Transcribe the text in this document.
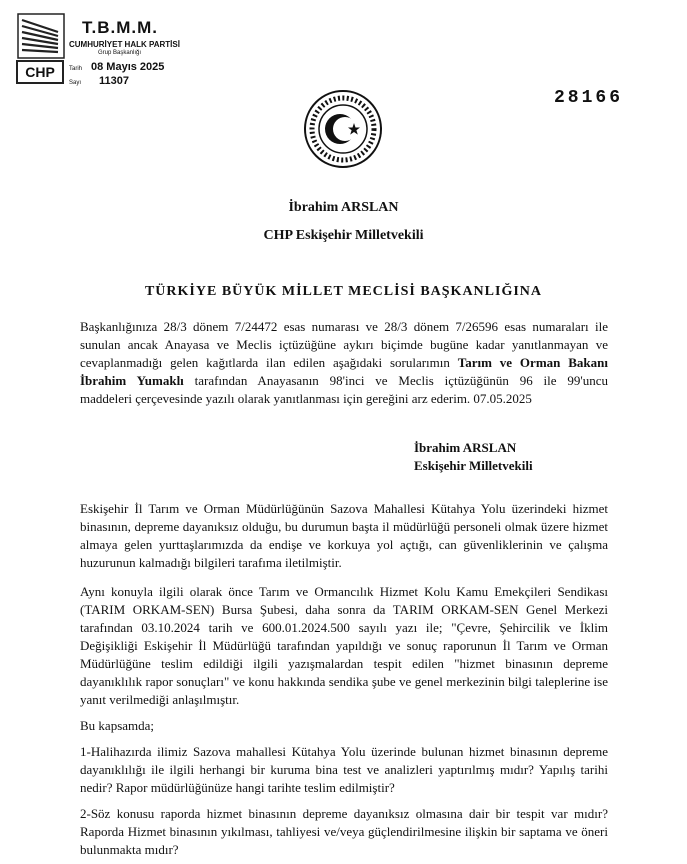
CHP
T.B.M.M.
CUMHURİYET HALK PARTİSİ
Grup Başkanlığı
Tarih 08 Mayıs 2025
Sayı 11307
28166
İbrahim ARSLAN
CHP Eskişehir Milletvekili
TÜRKİYE BÜYÜK MİLLET MECLİSİ BAŞKANLIĞINA
Başkanlığınıza 28/3 dönem 7/24472 esas numarası ve 28/3 dönem 7/26596 esas numaraları ile
sunulan ancak Anayasa ve Meclis içtüzüğüne aykırı biçimde bugüne kadar yanıtlanmayan ve
cevaplanmadığı gelen kağıtlarda ilan edilen aşağıdaki sorularımın Tarım ve Orman Bakanı
İbrahim Yumaklı tarafından Anayasanın 98'inci ve Meclis içtüzüğünün 96 ile 99'uncu
maddeleri çerçevesinde yazılı olarak yanıtlanması için gereğini arz ederim. 07.05.2025
İbrahim ARSLAN
Eskişehir Milletvekili
Eskişehir İl Tarım ve Orman Müdürlüğünün Sazova Mahallesi Kütahya Yolu üzerindeki hizmet binasının, depreme dayanıksız olduğu, bu durumun başta il müdürlüğü personeli olmak üzere hizmet almaya gelen yurttaşlarımızda da endişe ve korkuya yol açtığı, can güvenliklerinin ve çalışma huzurunun kalmadığı bilgileri tarafıma iletilmiştir.
Aynı konuyla ilgili olarak önce Tarım ve Ormancılık Hizmet Kolu Kamu Emekçileri Sendikası (TARIM ORKAM-SEN) Bursa Şubesi, daha sonra da TARIM ORKAM-SEN Genel Merkezi tarafından 03.10.2024 tarih ve 600.01.2024.500 sayılı yazı ile; "Çevre, Şehircilik ve İklim Değişikliği Eskişehir İl Müdürlüğü tarafından yapıldığı ve sonuç raporunun İl Tarım ve Orman Müdürlüğüne teslim edildiği ilgili yazışmalardan tespit edilen "hizmet binasının depreme dayanıklılık rapor sonuçları" ve konu hakkında sendika şube ve genel merkezinin bilgi taleplerine ise yanıt verilmediği anlaşılmıştır.
Bu kapsamda;
1-Halihazırda ilimiz Sazova mahallesi Kütahya Yolu üzerinde bulunan hizmet binasının depreme dayanıklılığı ile ilgili herhangi bir kuruma bina test ve analizleri yaptırılmış mıdır? Yapılış tarihi nedir? Rapor müdürlüğünüze hangi tarihte teslim edilmiştir?
2-Söz konusu raporda hizmet binasının depreme dayanıksız olmasına dair bir tespit var mıdır? Raporda Hizmet binasının yıkılması, tahliyesi ve/veya güçlendirilmesine ilişkin bir saptama ve öneri bulunmakta mıdır?
